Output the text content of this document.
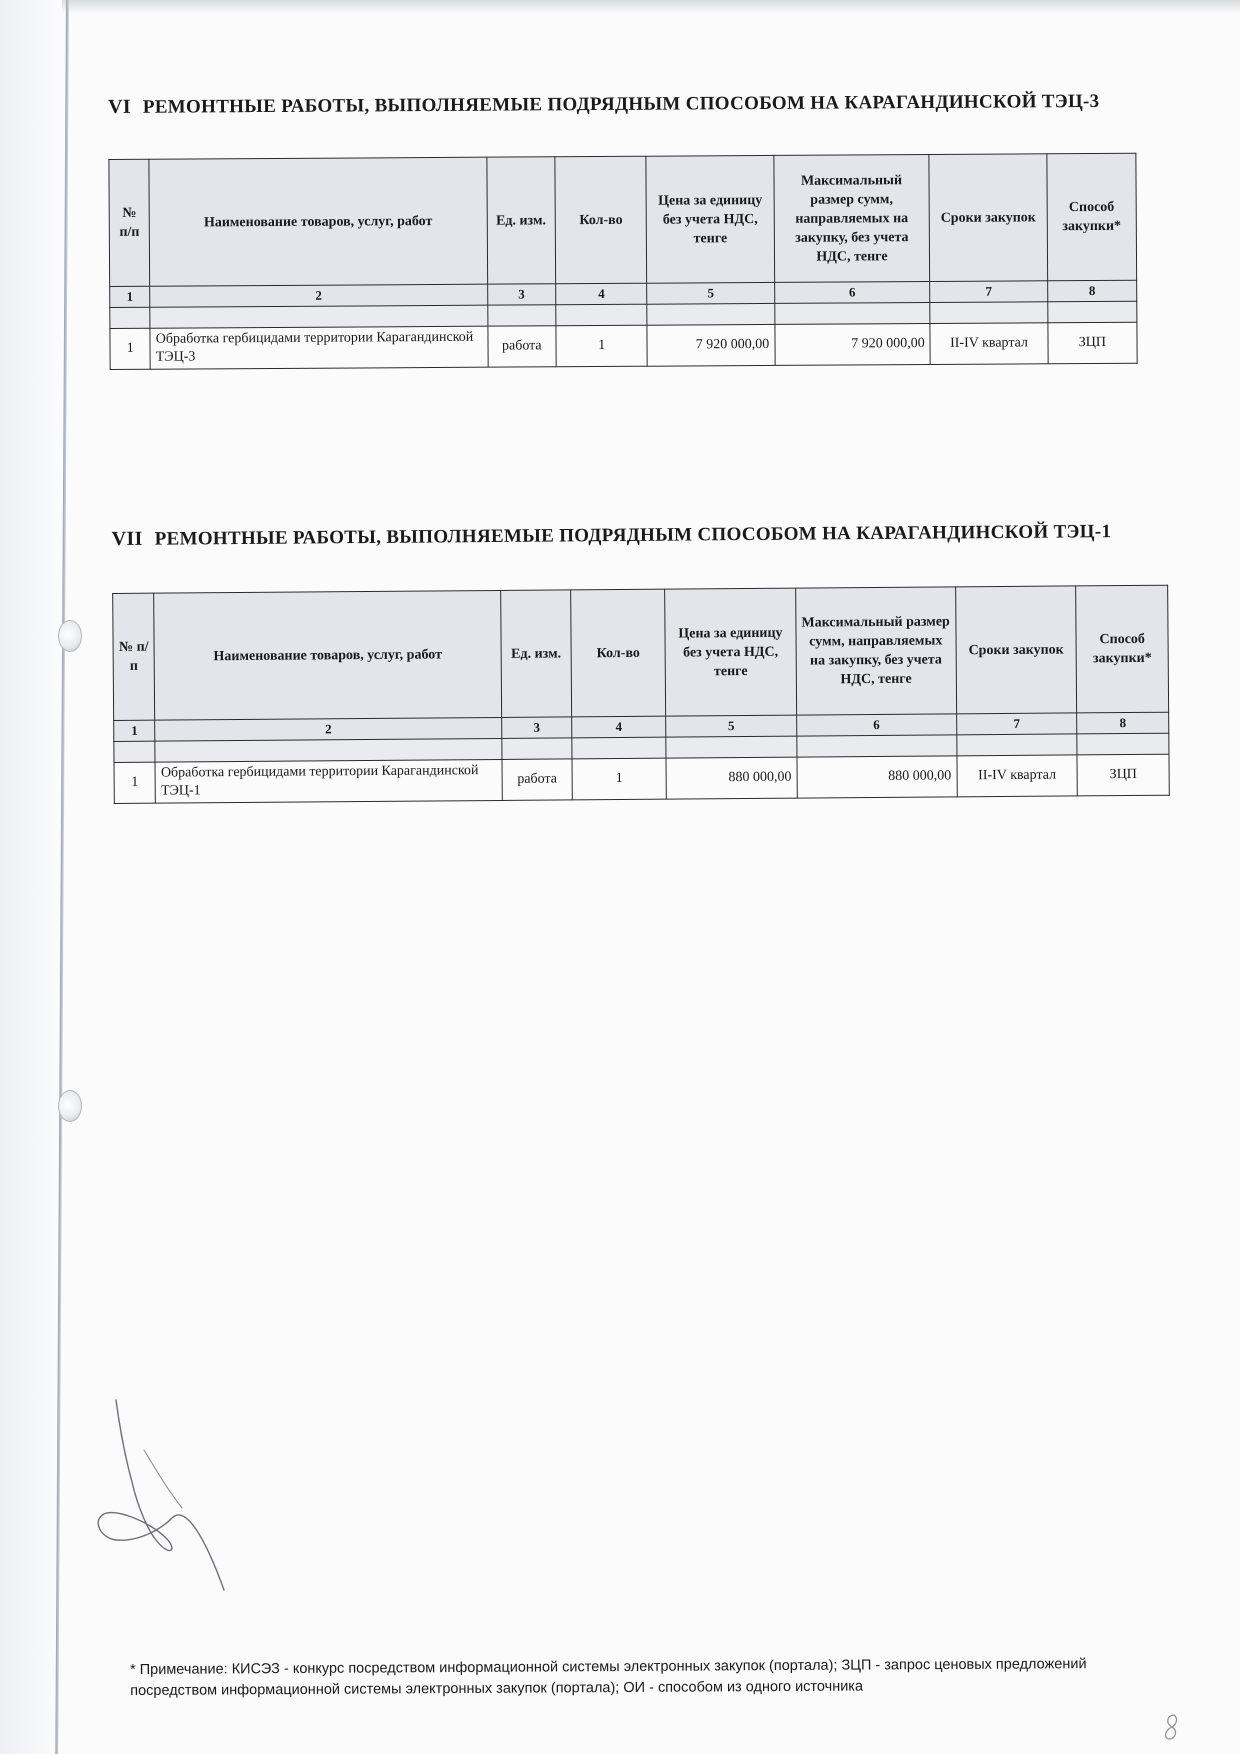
VI РЕМОНТНЫЕ РАБОТЫ, ВЫПОЛНЯЕМЫЕ ПОДРЯДНЫМ СПОСОБОМ НА КАРАГАНДИНСКОЙ ТЭЦ-3
№ п/п	Наименование товаров, услуг, работ	Ед. изм.	Кол-во	Цена за единицу без учета НДС, тенге	Максимальный размер сумм, направляемых на закупку, без учета НДС, тенге	Сроки закупок	Способ закупки*
1	2	3	4	5	6	7	8

1	Обработка гербицидами территории Карагандинской ТЭЦ-3	работа	1	7 920 000,00	7 920 000,00	II-IV квартал	ЗЦП
VII РЕМОНТНЫЕ РАБОТЫ, ВЫПОЛНЯЕМЫЕ ПОДРЯДНЫМ СПОСОБОМ НА КАРАГАНДИНСКОЙ ТЭЦ-1
№ п/п	Наименование товаров, услуг, работ	Ед. изм.	Кол-во	Цена за единицу без учета НДС, тенге	Максимальный размер сумм, направляемых на закупку, без учета НДС, тенге	Сроки закупок	Способ закупки*
1	2	3	4	5	6	7	8

1	Обработка гербицидами территории Карагандинской ТЭЦ-1	работа	1	880 000,00	880 000,00	II-IV квартал	ЗЦП
* Примечание: КИСЭЗ - конкурс посредством информационной системы электронных закупок (портала); ЗЦП - запрос ценовых предложений посредством информационной системы электронных закупок (портала); ОИ - способом из одного источника
